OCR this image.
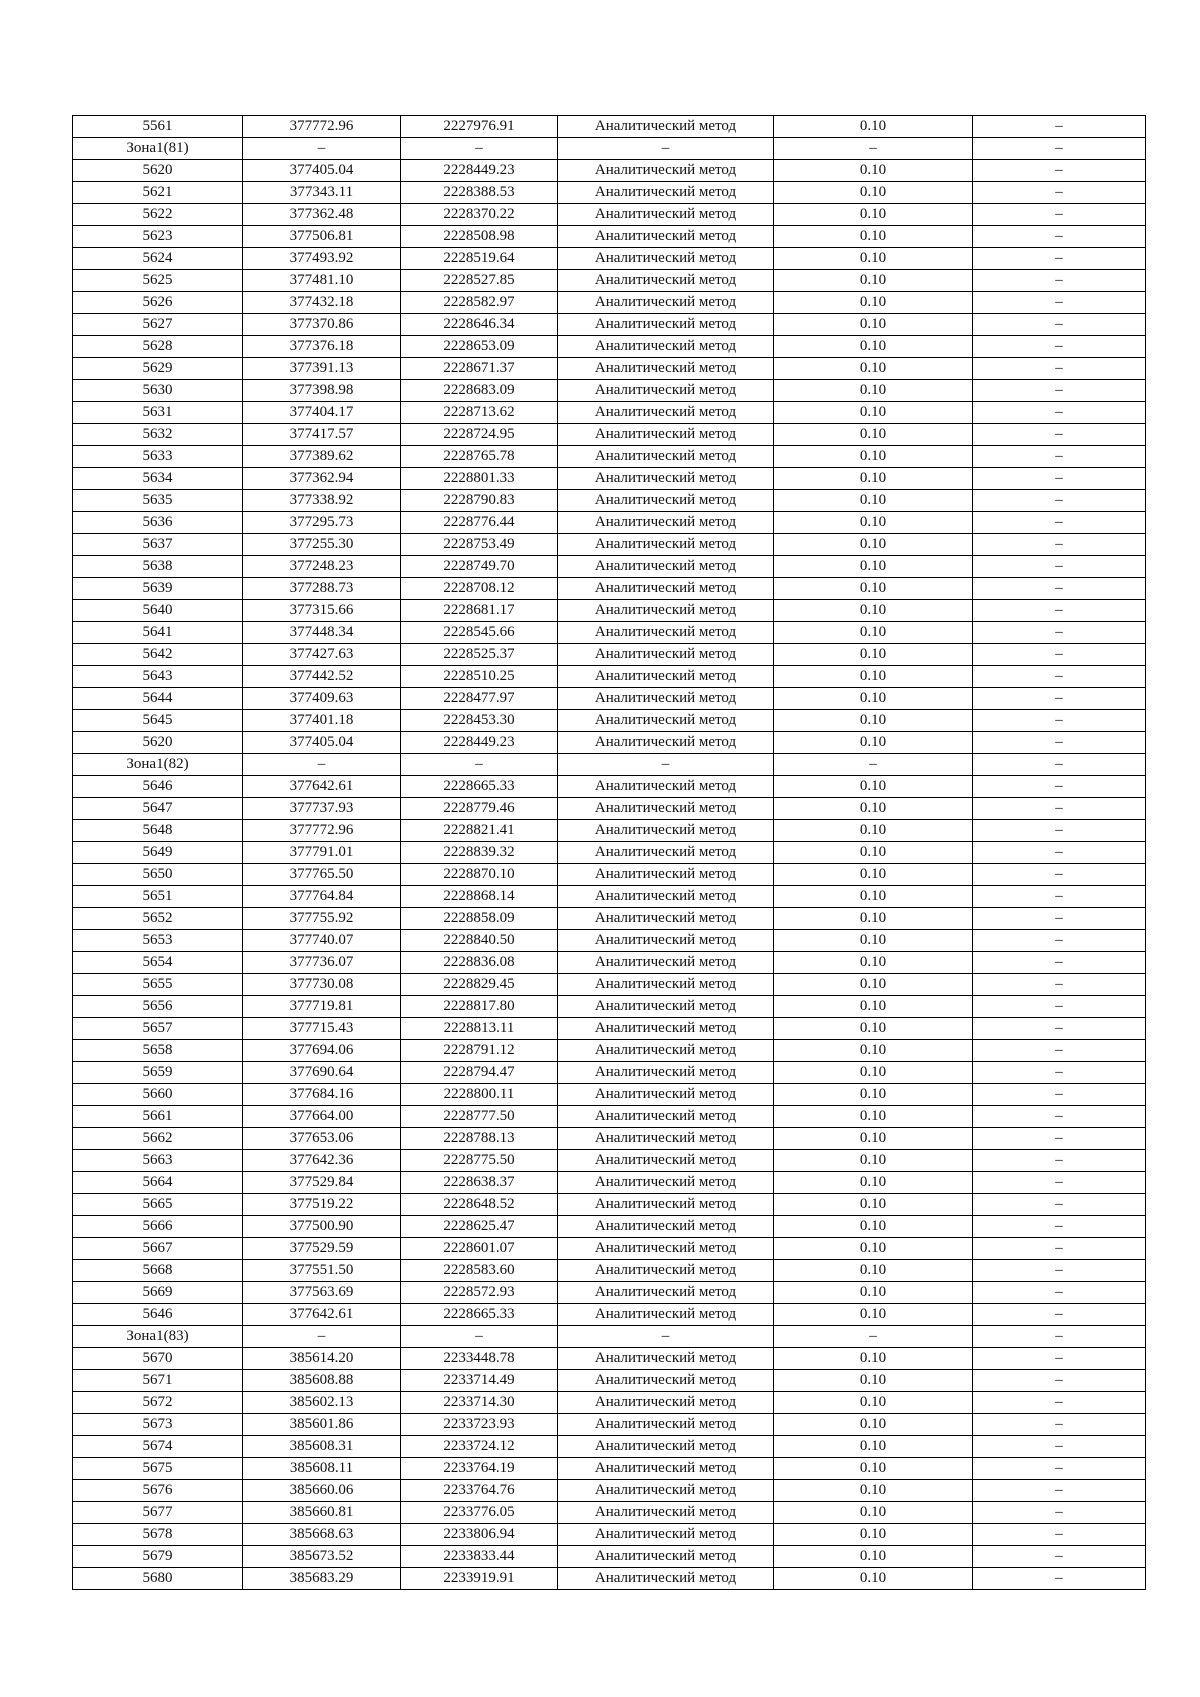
5561	377772.96	2227976.91	Аналитический метод	0.10	–
Зона1(81)	–	–	–	–	–
5620	377405.04	2228449.23	Аналитический метод	0.10	–
5621	377343.11	2228388.53	Аналитический метод	0.10	–
5622	377362.48	2228370.22	Аналитический метод	0.10	–
5623	377506.81	2228508.98	Аналитический метод	0.10	–
5624	377493.92	2228519.64	Аналитический метод	0.10	–
5625	377481.10	2228527.85	Аналитический метод	0.10	–
5626	377432.18	2228582.97	Аналитический метод	0.10	–
5627	377370.86	2228646.34	Аналитический метод	0.10	–
5628	377376.18	2228653.09	Аналитический метод	0.10	–
5629	377391.13	2228671.37	Аналитический метод	0.10	–
5630	377398.98	2228683.09	Аналитический метод	0.10	–
5631	377404.17	2228713.62	Аналитический метод	0.10	–
5632	377417.57	2228724.95	Аналитический метод	0.10	–
5633	377389.62	2228765.78	Аналитический метод	0.10	–
5634	377362.94	2228801.33	Аналитический метод	0.10	–
5635	377338.92	2228790.83	Аналитический метод	0.10	–
5636	377295.73	2228776.44	Аналитический метод	0.10	–
5637	377255.30	2228753.49	Аналитический метод	0.10	–
5638	377248.23	2228749.70	Аналитический метод	0.10	–
5639	377288.73	2228708.12	Аналитический метод	0.10	–
5640	377315.66	2228681.17	Аналитический метод	0.10	–
5641	377448.34	2228545.66	Аналитический метод	0.10	–
5642	377427.63	2228525.37	Аналитический метод	0.10	–
5643	377442.52	2228510.25	Аналитический метод	0.10	–
5644	377409.63	2228477.97	Аналитический метод	0.10	–
5645	377401.18	2228453.30	Аналитический метод	0.10	–
5620	377405.04	2228449.23	Аналитический метод	0.10	–
Зона1(82)	–	–	–	–	–
5646	377642.61	2228665.33	Аналитический метод	0.10	–
5647	377737.93	2228779.46	Аналитический метод	0.10	–
5648	377772.96	2228821.41	Аналитический метод	0.10	–
5649	377791.01	2228839.32	Аналитический метод	0.10	–
5650	377765.50	2228870.10	Аналитический метод	0.10	–
5651	377764.84	2228868.14	Аналитический метод	0.10	–
5652	377755.92	2228858.09	Аналитический метод	0.10	–
5653	377740.07	2228840.50	Аналитический метод	0.10	–
5654	377736.07	2228836.08	Аналитический метод	0.10	–
5655	377730.08	2228829.45	Аналитический метод	0.10	–
5656	377719.81	2228817.80	Аналитический метод	0.10	–
5657	377715.43	2228813.11	Аналитический метод	0.10	–
5658	377694.06	2228791.12	Аналитический метод	0.10	–
5659	377690.64	2228794.47	Аналитический метод	0.10	–
5660	377684.16	2228800.11	Аналитический метод	0.10	–
5661	377664.00	2228777.50	Аналитический метод	0.10	–
5662	377653.06	2228788.13	Аналитический метод	0.10	–
5663	377642.36	2228775.50	Аналитический метод	0.10	–
5664	377529.84	2228638.37	Аналитический метод	0.10	–
5665	377519.22	2228648.52	Аналитический метод	0.10	–
5666	377500.90	2228625.47	Аналитический метод	0.10	–
5667	377529.59	2228601.07	Аналитический метод	0.10	–
5668	377551.50	2228583.60	Аналитический метод	0.10	–
5669	377563.69	2228572.93	Аналитический метод	0.10	–
5646	377642.61	2228665.33	Аналитический метод	0.10	–
Зона1(83)	–	–	–	–	–
5670	385614.20	2233448.78	Аналитический метод	0.10	–
5671	385608.88	2233714.49	Аналитический метод	0.10	–
5672	385602.13	2233714.30	Аналитический метод	0.10	–
5673	385601.86	2233723.93	Аналитический метод	0.10	–
5674	385608.31	2233724.12	Аналитический метод	0.10	–
5675	385608.11	2233764.19	Аналитический метод	0.10	–
5676	385660.06	2233764.76	Аналитический метод	0.10	–
5677	385660.81	2233776.05	Аналитический метод	0.10	–
5678	385668.63	2233806.94	Аналитический метод	0.10	–
5679	385673.52	2233833.44	Аналитический метод	0.10	–
5680	385683.29	2233919.91	Аналитический метод	0.10	–
